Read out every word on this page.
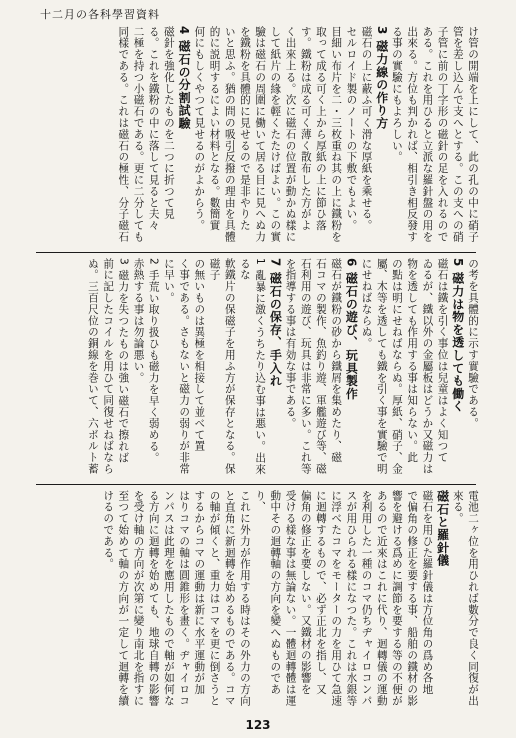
十二月の各科學習資料

け管の開端を上にして、此の孔の中に硝子

管を差し込んで支へとする。この支への硝

子管に前の丁字形の磁針の足を入れるので

ある。これを用ひると立派な羅針盤の用を

出來る。方位も判かれば、相引き相反發す

る事の實驗にもよろしい。

3 磁力線の作り方

磁石の上に蔽ふ可く滑な厚紙を乘せる。

セルロイド製のノートの下敷でもよい。

目細い布片を二・三枚重ね其の上に鐵粉を

取って成る可く上から厚紙の上に節ひ落

す。鐵粉は成る可く薄く散布した方がよ

く出來上る。次に磁石の位置が動かぬ樣に

して紙片の緣を輕くたたけばよい。この實

驗は磁石の周圍に働いて居る目に見へぬ力

を鐵粉を具體的に見せるので是非やりた

いと思ふ。猶の問の吸引反撥の理由を具體

的に説明するによい材料となる。數簡實

何にもしくやつて見せるのがよからう。

4 磁石の分割試驗

磁針を強化したものを二つに折つて見

る。これを鐵粉の中に落して見ると夫々

二極を持つ小磁石である。更に二分しても

同樣である。これは磁石の極性、分子磁石

の考を具體的に示す實驗である。

5 磁力は物を透しても働く

磁石は鐵を引く事位は兒童はよく知つて

ゐるが、鐵以外の金屬板はどうか又磁力は

物を透しても作用する事は知らない。此

の點は明にせねばならぬ。厚紙、硝子、金

屬、木等を透しても鐵を引く事を實驗で明

にせねばならぬ。

6 磁石の遊び、玩具製作

磁石が鐵粉の砂から鐵屑を集めたり、磁

石コマの製作、魚釣り遊、軍艦遊び等、磁

石利用の遊び、玩具は非常に多い。これ等

を指導する事は有効な事である。

7 磁石の保存、手入れ

1 亂暴に激くうちたり込む事は悪い。出來るな

軟鐵片の保磁子を用ふ方が保存となる。保磁子

の無いものは異極を相接して並べて置

く事である。さもないと磁力の弱りが非常

に早い。

2 手荒い取り扱ひも磁力を早く弱める。

赤熱する事は勿論悪い。

3 磁力を失つたものは強い磁石で擦れば

前に記したコイルを用ひて同復せねばなら

ぬ。三百尺位の銅線を巻いて、六ボルト蓄

電池二ヶ位を用ひれば數分で良く同復が出

來る。

磁石と羅針儀

磁石を用ひた羅針儀は方位角の爲め各地

で偏角の修正を要する事、船舶の鐵材の影

響を避ける爲めに調節を要する等の不便が

あるので近來はこれに代り、迴轉儀の運動

を利用した一種のコマ仍ちヂャイロコンパ

スが用ひられる樣になつた。これは水銀等

に浮べたコマをモーターの力を用ひて急速

に迴轉するもので、必ず正北を指し、又

偏角の修正を要しない。又鐵材の影響を

受ける樣な事は無論ない。一體迴轉體は運

動中その迴轉軸の方向を變へぬものであり、

これに外力が作用する時はその外力の方向

と直角に新迴轉を始めるものである。コマ

の軸が傾くと、重力はコマを更に倒さうと

するからコマの運動は新に水平運動が加

はりコマの軸は圓錐形を畫く。ヂャイロコ

ンパスは此理を應用したもので軸が如何な

る方向に迴轉を始めても、地球自轉の影響

を受け軸の方向が次第に變り南北を指すに

至つて始めて軸の方向が一定して迴轉を續

けるのである。

123
